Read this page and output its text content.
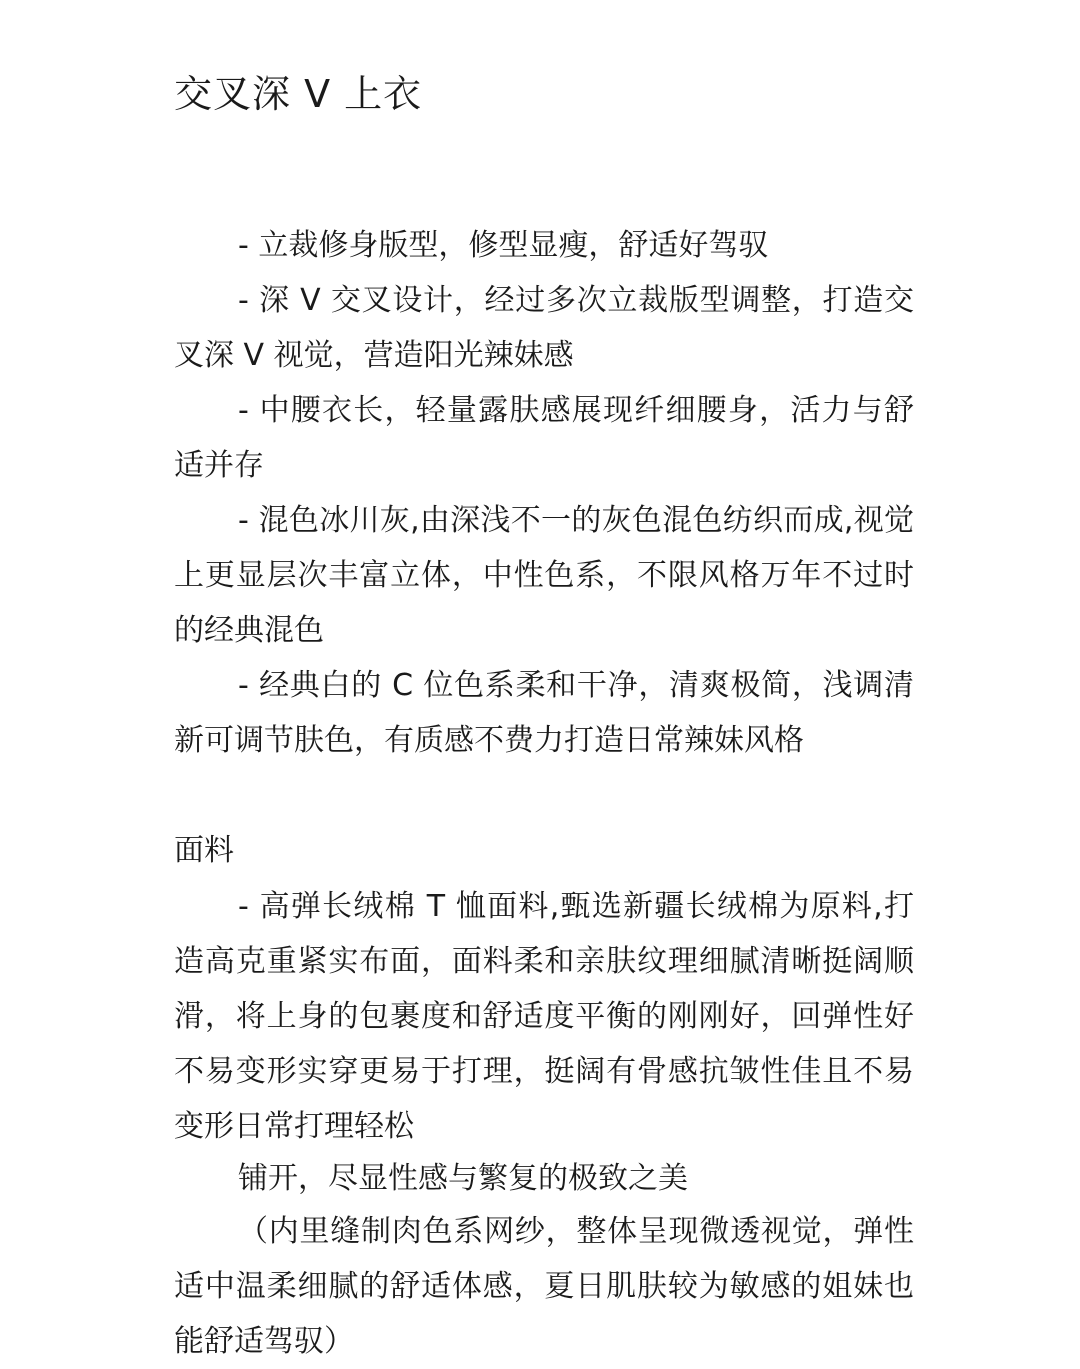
交叉深 V 上衣

- 立裁修身版型，修型显瘦，舒适好驾驭

- 深 V 交叉设计，经过多次立裁版型调整，打造交叉深 V 视觉，营造阳光辣妹感

- 中腰衣长，轻量露肤感展现纤细腰身，活力与舒适并存

- 混色冰川灰,由深浅不一的灰色混色纺织而成,视觉上更显层次丰富立体，中性色系，不限风格万年不过时的经典混色

- 经典白的 C 位色系柔和干净，清爽极简，浅调清新可调节肤色，有质感不费力打造日常辣妹风格

面料

- 高弹长绒棉 T 恤面料,甄选新疆长绒棉为原料,打造高克重紧实布面，面料柔和亲肤纹理细腻清晰挺阔顺滑，将上身的包裹度和舒适度平衡的刚刚好，回弹性好不易变形实穿更易于打理，挺阔有骨感抗皱性佳且不易变形日常打理轻松

铺开，尽显性感与繁复的极致之美

（内里缝制肉色系网纱，整体呈现微透视觉，弹性适中温柔细腻的舒适体感，夏日肌肤较为敏感的姐妹也能舒适驾驭）
